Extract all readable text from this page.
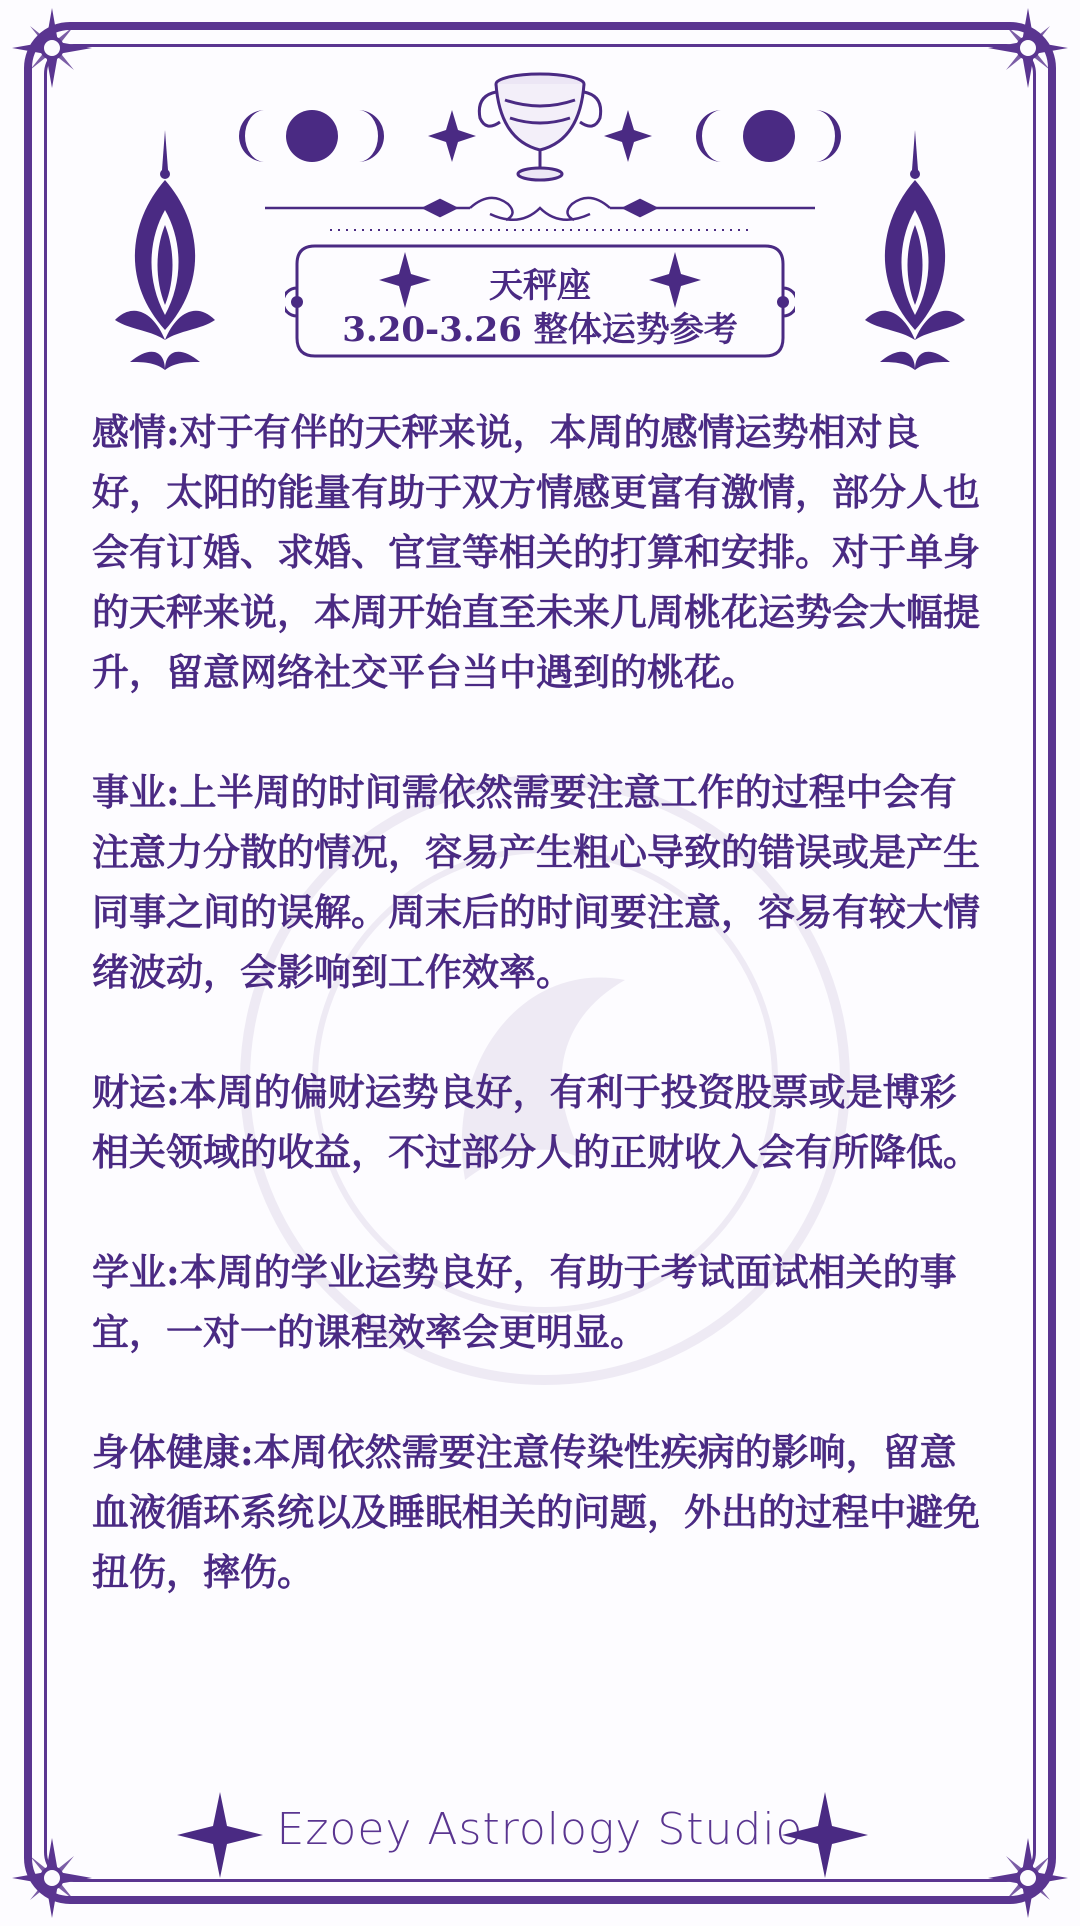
天秤座
3.20-3.26 整体运势参考

感情:对于有伴的天秤来说，本周的感情运势相对良好，太阳的能量有助于双方情感更富有激情，部分人也会有订婚、求婚、官宣等相关的打算和安排。对于单身的天秤来说，本周开始直至未来几周桃花运势会大幅提升，留意网络社交平台当中遇到的桃花。

事业:上半周的时间需依然需要注意工作的过程中会有注意力分散的情况，容易产生粗心导致的错误或是产生同事之间的误解。周末后的时间要注意，容易有较大情绪波动，会影响到工作效率。

财运:本周的偏财运势良好，有利于投资股票或是博彩相关领域的收益，不过部分人的正财收入会有所降低。

学业:本周的学业运势良好，有助于考试面试相关的事宜，一对一的课程效率会更明显。

身体健康:本周依然需要注意传染性疾病的影响，留意血液循环系统以及睡眠相关的问题，外出的过程中避免扭伤，摔伤。

Ezoey Astrology Studio
